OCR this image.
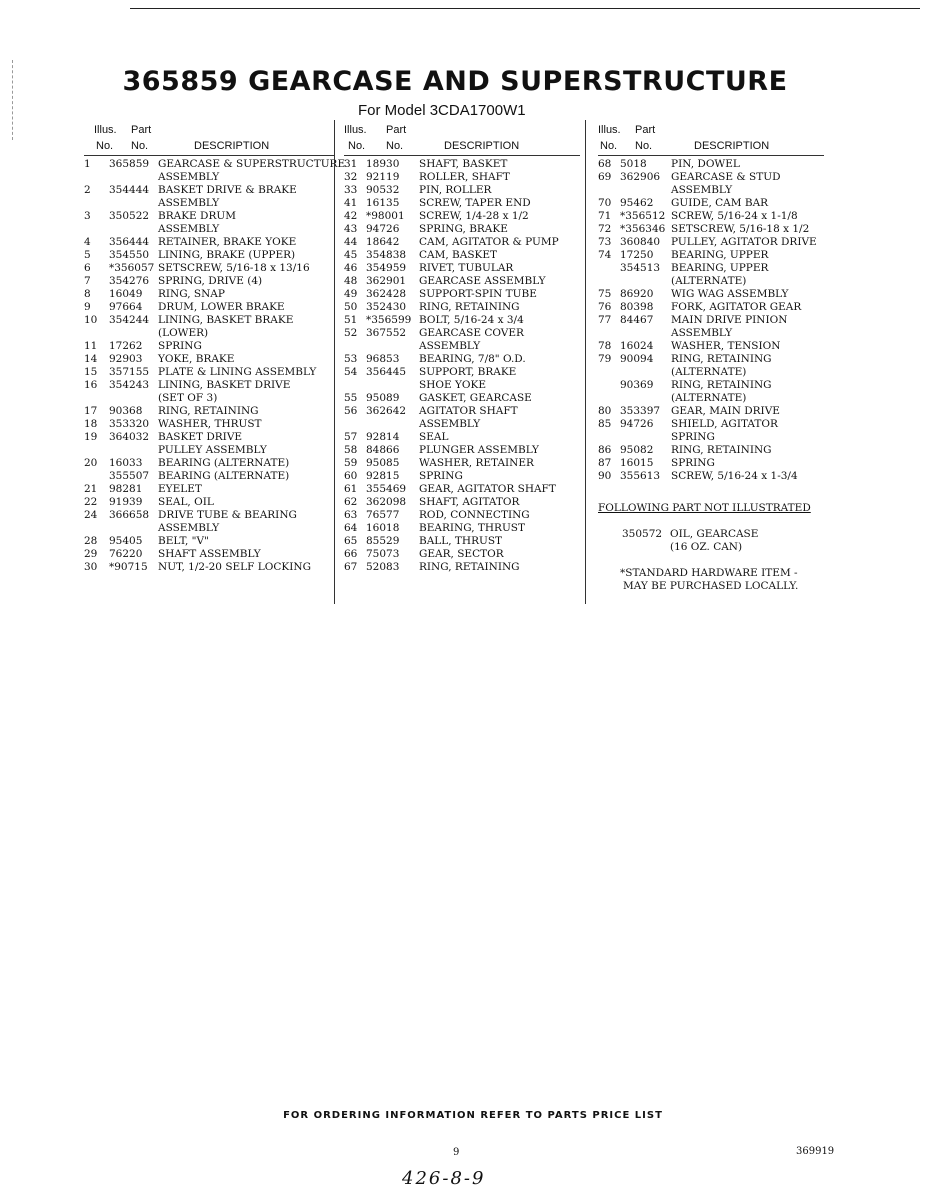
365859 GEARCASE AND SUPERSTRUCTURE
For Model 3CDA1700W1
Illus. Part
No. No.	DESCRIPTION
1 365859 GEARCASE & SUPERSTRUCTURE
ASSEMBLY
2 354444 BASKET DRIVE & BRAKE
ASSEMBLY
3 350522 BRAKE DRUM
ASSEMBLY
4 356444 RETAINER, BRAKE YOKE
5 354550 LINING, BRAKE (UPPER)
6 *356057 SETSCREW, 5/16-18 x 13/16
7 354276 SPRING, DRIVE (4)
8 16049 RING, SNAP
9 97664 DRUM, LOWER BRAKE
10 354244 LINING, BASKET BRAKE
(LOWER)
11 17262 SPRING
14 92903 YOKE, BRAKE
15 357155 PLATE & LINING ASSEMBLY
16 354243 LINING, BASKET DRIVE
(SET OF 3)
17 90368 RING, RETAINING
18 353320 WASHER, THRUST
19 364032 BASKET DRIVE
PULLEY ASSEMBLY
20 16033 BEARING (ALTERNATE)
355507 BEARING (ALTERNATE)
21 98281 EYELET
22 91939 SEAL, OIL
24 366658 DRIVE TUBE & BEARING
ASSEMBLY
28 95405 BELT, "V"
29 76220 SHAFT ASSEMBLY
30 *90715 NUT, 1/2-20 SELF LOCKING
Illus. Part
No. No.	DESCRIPTION
31 18930 SHAFT, BASKET
32 92119 ROLLER, SHAFT
33 90532 PIN, ROLLER
41 16135 SCREW, TAPER END
42 *98001 SCREW, 1/4-28 x 1/2
43 94726 SPRING, BRAKE
44 18642 CAM, AGITATOR & PUMP
45 354838 CAM, BASKET
46 354959 RIVET, TUBULAR
48 362901 GEARCASE ASSEMBLY
49 362428 SUPPORT-SPIN TUBE
50 352430 RING, RETAINING
51 *356599 BOLT, 5/16-24 x 3/4
52 367552 GEARCASE COVER
ASSEMBLY
53 96853 BEARING, 7/8" O.D.
54 356445 SUPPORT, BRAKE
SHOE YOKE
55 95089 GASKET, GEARCASE
56 362642 AGITATOR SHAFT
ASSEMBLY
57 92814 SEAL
58 84866 PLUNGER ASSEMBLY
59 95085 WASHER, RETAINER
60 92815 SPRING
61 355469 GEAR, AGITATOR SHAFT
62 362098 SHAFT, AGITATOR
63 76577 ROD, CONNECTING
64 16018 BEARING, THRUST
65 85529 BALL, THRUST
66 75073 GEAR, SECTOR
67 52083 RING, RETAINING
Illus. Part
No. No.	DESCRIPTION
68 5018 PIN, DOWEL
69 362906 GEARCASE & STUD
ASSEMBLY
70 95462 GUIDE, CAM BAR
71 *356512 SCREW, 5/16-24 x 1-1/8
72 *356346 SETSCREW, 5/16-18 x 1/2
73 360840 PULLEY, AGITATOR DRIVE
74 17250 BEARING, UPPER
354513 BEARING, UPPER
(ALTERNATE)
75 86920 WIG WAG ASSEMBLY
76 80398 FORK, AGITATOR GEAR
77 84467 MAIN DRIVE PINION
ASSEMBLY
78 16024 WASHER, TENSION
79 90094 RING, RETAINING
(ALTERNATE)
90369 RING, RETAINING
(ALTERNATE)
80 353397 GEAR, MAIN DRIVE
85 94726 SHIELD, AGITATOR
SPRING
86 95082 RING, RETAINING
87 16015 SPRING
90 355613 SCREW, 5/16-24 x 1-3/4
FOLLOWING PART NOT ILLUSTRATED
350572 OIL, GEARCASE
(16 OZ. CAN)
*STANDARD HARDWARE ITEM -
MAY BE PURCHASED LOCALLY.
FOR ORDERING INFORMATION REFER TO PARTS PRICE LIST
9	369919
426-8-9
